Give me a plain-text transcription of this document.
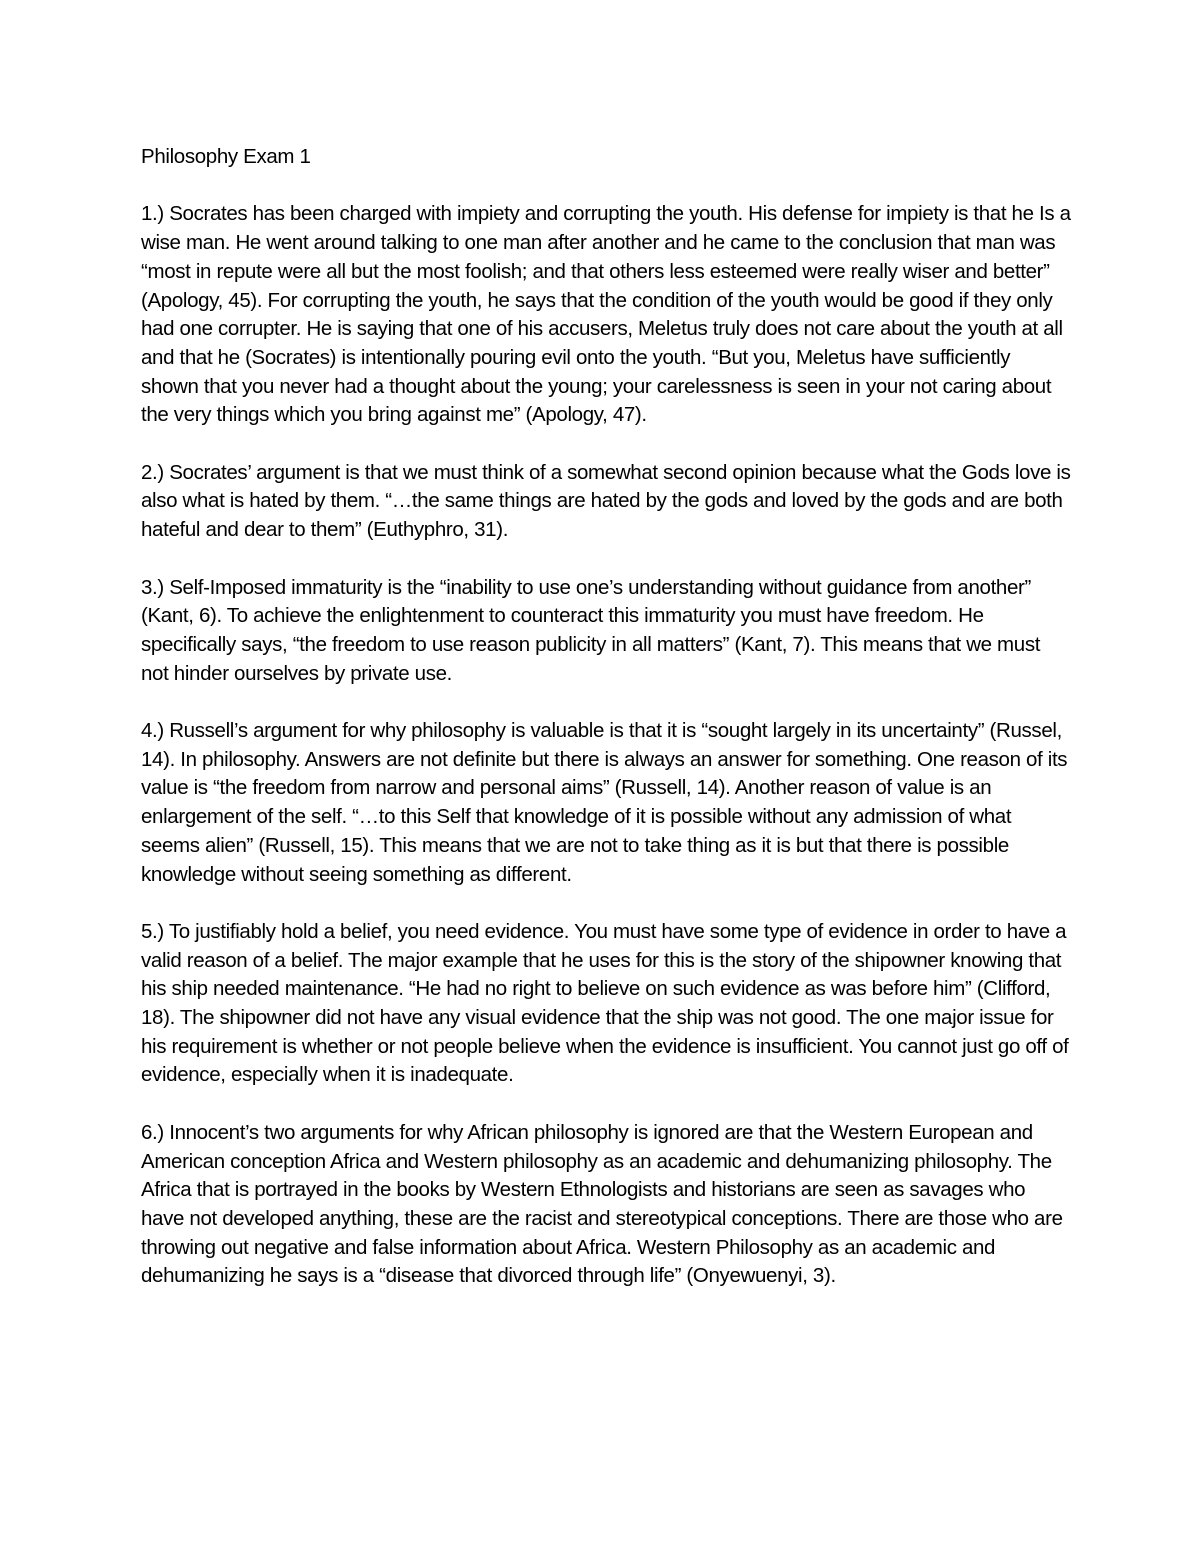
Philosophy Exam 1

1.) Socrates has been charged with impiety and corrupting the youth. His defense for impiety is that he Is a wise man. He went around talking to one man after another and he came to the conclusion that man was “most in repute were all but the most foolish; and that others less esteemed were really wiser and better” (Apology, 45). For corrupting the youth, he says that the condition of the youth would be good if they only had one corrupter. He is saying that one of his accusers, Meletus truly does not care about the youth at all and that he (Socrates) is intentionally pouring evil onto the youth. “But you, Meletus have sufficiently shown that you never had a thought about the young; your carelessness is seen in your not caring about the very things which you bring against me” (Apology, 47).

2.) Socrates’ argument is that we must think of a somewhat second opinion because what the Gods love is also what is hated by them. “…the same things are hated by the gods and loved by the gods and are both hateful and dear to them” (Euthyphro, 31).

3.) Self-Imposed immaturity is the “inability to use one’s understanding without guidance from another” (Kant, 6). To achieve the enlightenment to counteract this immaturity you must have freedom. He specifically says, “the freedom to use reason publicity in all matters” (Kant, 7). This means that we must not hinder ourselves by private use.

4.) Russell’s argument for why philosophy is valuable is that it is “sought largely in its uncertainty” (Russel, 14). In philosophy. Answers are not definite but there is always an answer for something. One reason of its value is “the freedom from narrow and personal aims” (Russell, 14). Another reason of value is an enlargement of the self. “…to this Self that knowledge of it is possible without any admission of what seems alien” (Russell, 15). This means that we are not to take thing as it is but that there is possible knowledge without seeing something as different.

5.) To justifiably hold a belief, you need evidence. You must have some type of evidence in order to have a valid reason of a belief. The major example that he uses for this is the story of the shipowner knowing that his ship needed maintenance. “He had no right to believe on such evidence as was before him” (Clifford, 18). The shipowner did not have any visual evidence that the ship was not good. The one major issue for his requirement is whether or not people believe when the evidence is insufficient. You cannot just go off of evidence, especially when it is inadequate.

6.) Innocent’s two arguments for why African philosophy is ignored are that the Western European and American conception Africa and Western philosophy as an academic and dehumanizing philosophy. The Africa that is portrayed in the books by Western Ethnologists and historians are seen as savages who have not developed anything, these are the racist and stereotypical conceptions. There are those who are throwing out negative and false information about Africa. Western Philosophy as an academic and dehumanizing he says is a “disease that divorced through life” (Onyewuenyi, 3).
